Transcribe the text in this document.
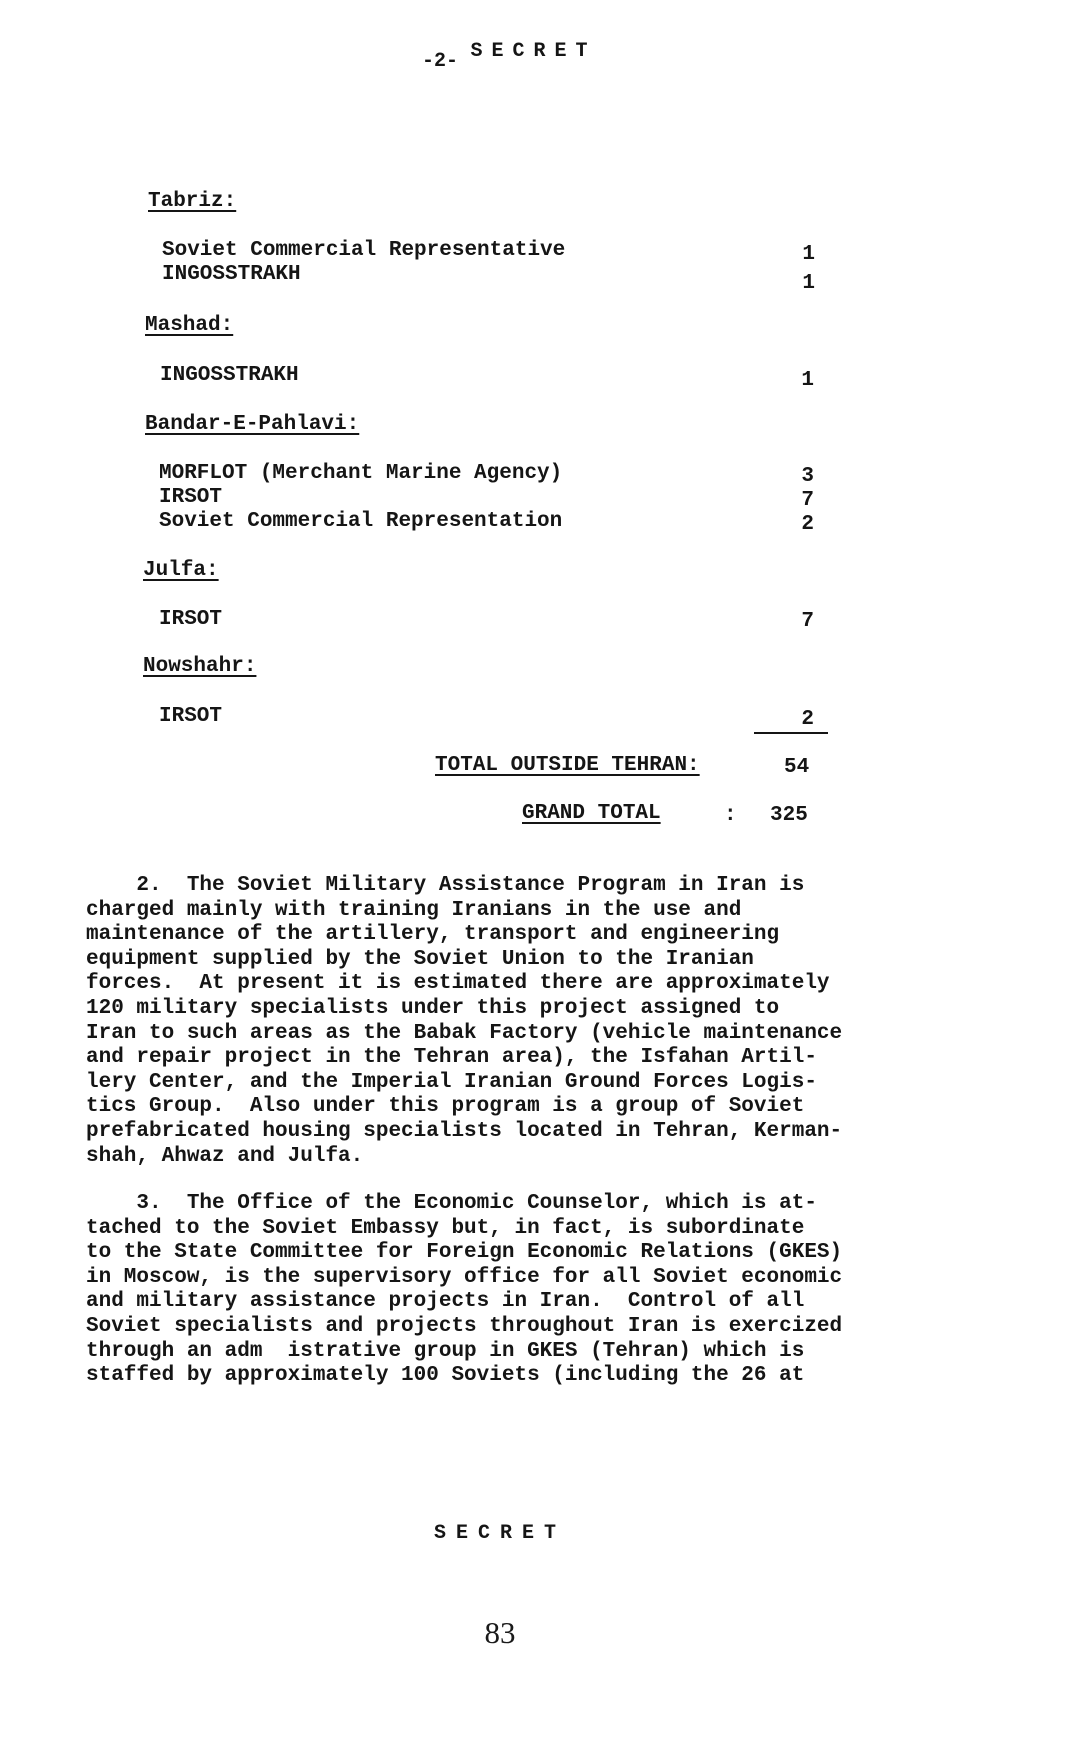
SECRET
-2-
Tabriz:
Soviet Commercial Representative	1
INGOSSTRAKH	1
Mashad:
INGOSSTRAKH	1
Bandar-E-Pahlavi:
MORFLOT (Merchant Marine Agency)	3
IRSOT	7
Soviet Commercial Representation	2
Julfa:
IRSOT	7
Nowshahr:
IRSOT	2
TOTAL OUTSIDE TEHRAN:	54
GRAND TOTAL	: 325
2.  The Soviet Military Assistance Program in Iran is
charged mainly with training Iranians in the use and
maintenance of the artillery, transport and engineering
equipment supplied by the Soviet Union to the Iranian
forces.  At present it is estimated there are approximately
120 military specialists under this project assigned to
Iran to such areas as the Babak Factory (vehicle maintenance
and repair project in the Tehran area), the Isfahan Artil-
lery Center, and the Imperial Iranian Ground Forces Logis-
tics Group.  Also under this program is a group of Soviet
prefabricated housing specialists located in Tehran, Kerman-
shah, Ahwaz and Julfa.
3.  The Office of the Economic Counselor, which is at-
tached to the Soviet Embassy but, in fact, is subordinate
to the State Committee for Foreign Economic Relations (GKES)
in Moscow, is the supervisory office for all Soviet economic
and military assistance projects in Iran.  Control of all
Soviet specialists and projects throughout Iran is exercized
through an adm  istrative group in GKES (Tehran) which is
staffed by approximately 100 Soviets (including the 26 at
SECRET
83
